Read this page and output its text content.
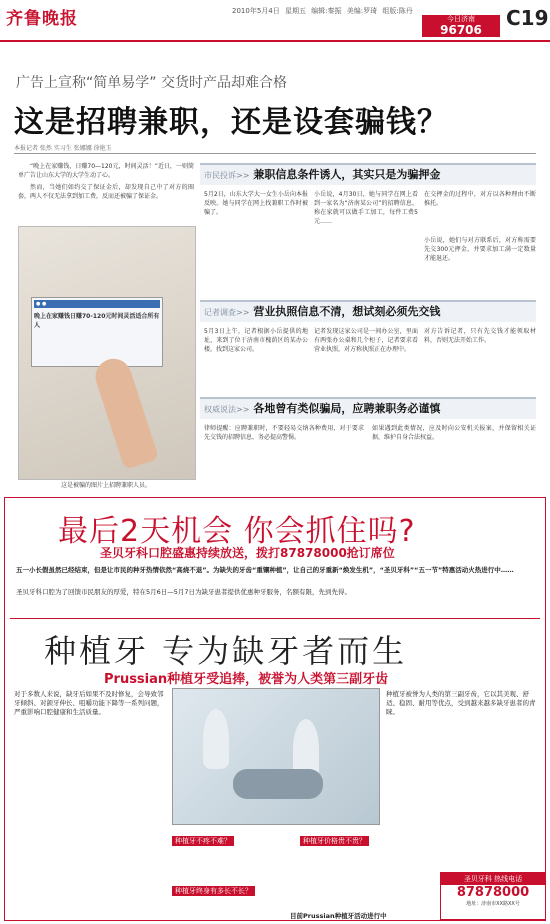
齐鲁晚报	2010年5月4日 星期五 编辑:秦振 美编:罗琦 组版:陈丹
今日济南
96706	C19
广告上宣称“简单易学” 交货时产品却难合格
这是招聘兼职，还是设套骗钱？
本报记者 张然 实习生 张娜娜 徐艳玉

“晚上在家赚钱，日赚70—120元，时间灵活！”近日，一则简单广告让山东大学的大学生动了心。

然而，当她们如约交了保证金后，却发现自己中了对方的圈套，两人不仅无法拿到加工费，反而还被骗了保证金。

● ●
晚上在家赚钱日赚70-120元时间灵活适合所有人
这是被骗的图片上招聘兼职人员。
市民投诉>> 兼职信息条件诱人，其实只是为骗押金
5月2日，山东大学大一女生小岳向本报反映。她与同学在网上找兼职工作时被骗了。
小岳说，4月30日，她与同学在网上看到一家名为“济南某公司”的招聘信息，称在家就可以做手工加工，每件工费5元……
在交押金的过程中，对方以各种理由不断推托。
小岳说，她们与对方联系后，对方称需要先交300元押金，并要求加工满一定数量才能退还。
记者调查>> 营业执照信息不清，想试刻必须先交钱
5月3日上午，记者根据小岳提供的地址，来到了位于济南市槐荫区的某办公楼，找到这家公司。
记者发现这家公司是一间办公室，里面有两张办公桌和几个柜子，记者要求看营业执照，对方称执照正在办理中。
对方告诉记者，只有先交钱才能领取材料，否则无法开始工作。
权威说法>> 各地曾有类似骗局，应聘兼职务必谨慎
律师提醒：应聘兼职时，不要轻易交纳各种费用，对于要求先交钱的招聘信息，务必提高警惕。
如果遇到此类情况，应及时向公安机关报案，并保留相关证据，维护自身合法权益。
最后2天机会 你会抓住吗?
圣贝牙科口腔盛惠持续放送，拨打87878000抢订席位
五一小长假虽然已经结束，但是让市民的种牙热情依然“高烧不退”。为缺失的牙齿“重镶种植”，让自己的牙重新“焕发生机”，“圣贝牙科”“五一节”特惠活动火热进行中……
圣贝牙科口腔为了回馈市民朋友的厚爱，特在5月6日—5月7日为缺牙患者提供优惠种牙服务，名额有限，先到先得。
种植牙 专为缺牙者而生
Prussian种植牙受追捧，被誉为人类第三副牙齿
对于多数人来说，缺牙后如果不及时修复，会导致邻牙倾斜、对颌牙伸长、咀嚼功能下降等一系列问题，严重影响口腔健康和生活质量。
种植牙不疼不难？
种植牙终身有多长不长？
种植牙价格贵不贵？
种植牙被誉为人类的第三副牙齿，它以其美观、舒适、稳固、耐用等优点，受到越来越多缺牙患者的青睐。
目前Prussian种植牙活动进行中
圣贝牙科 热线电话
87878000
地址：济南市XX路XX号
